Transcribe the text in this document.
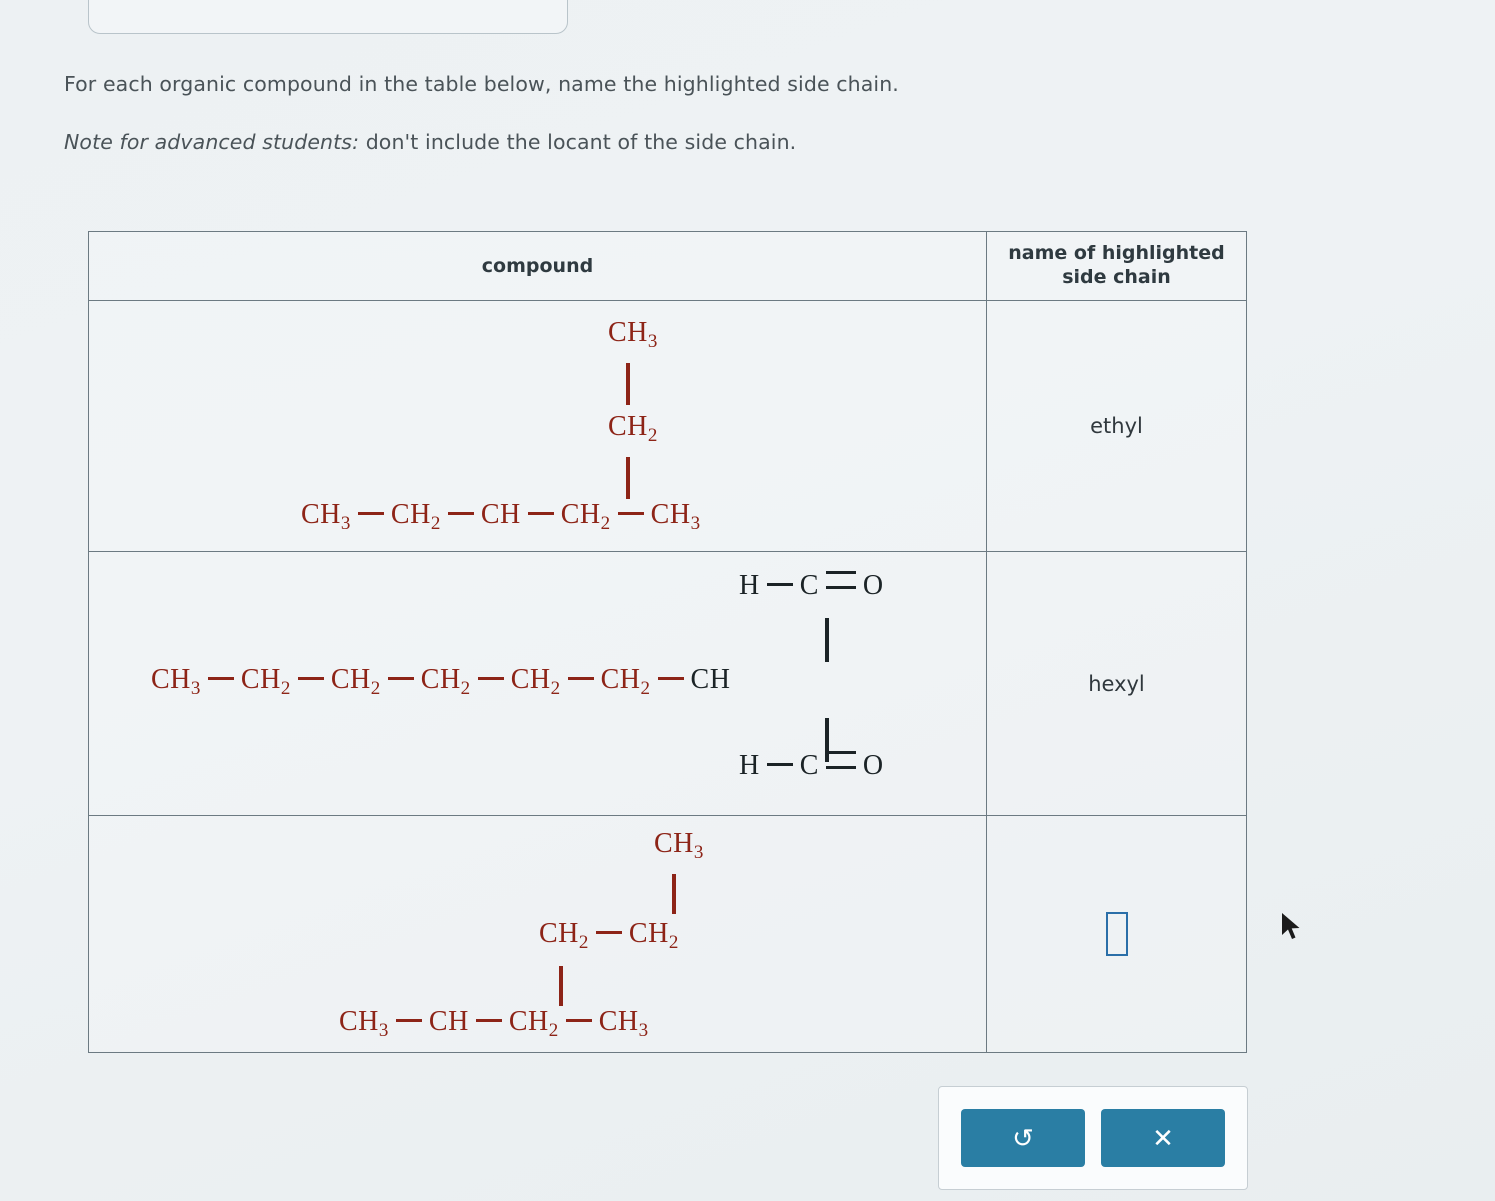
For each organic compound in the table below, name the highlighted side chain.
Note for advanced students: don't include the locant of the side chain.
compound	name of highlighted
side chain

$CH_3$
$CH_2$
$CH_3$ $CH_2$ CH $CH_2$ $CH_3$	ethyl

H C O
$CH_3$ $CH_2$ $CH_2$ $CH_2$ $CH_2$ $CH_2$ CH
H C O	hexyl

$CH_3$
$CH_2$ $CH_2$
$CH_3$ CH $CH_2$ $CH_3$

↺	✕
